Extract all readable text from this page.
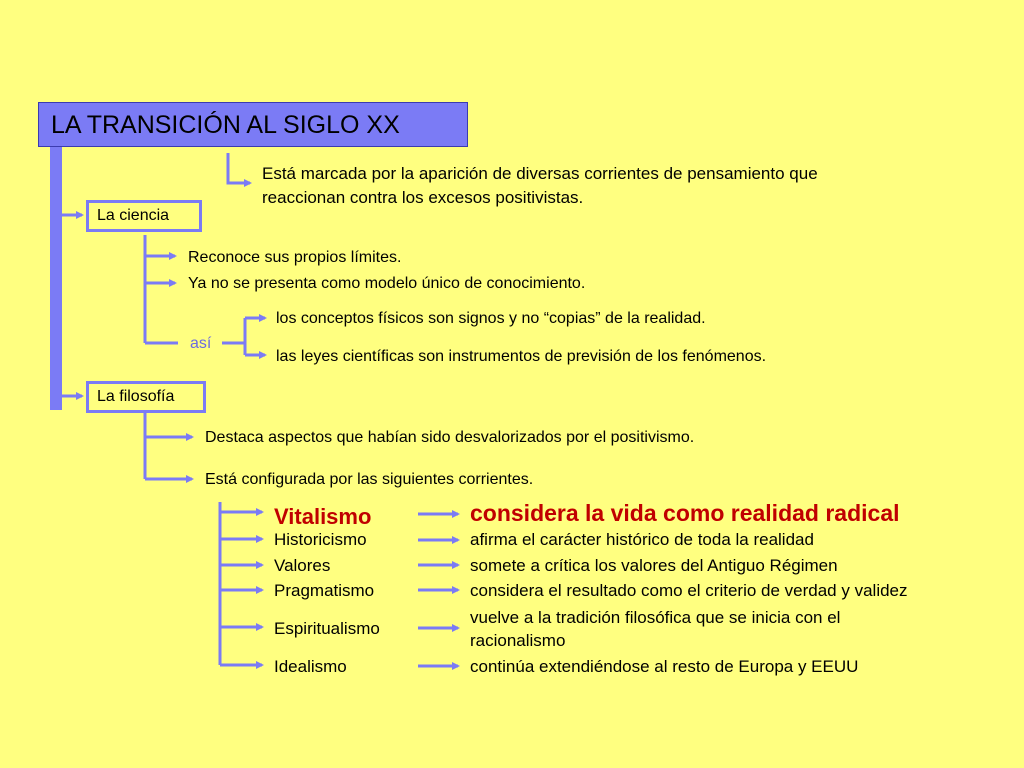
LA TRANSICIÓN AL SIGLO XX
Está marcada por la aparición de diversas corrientes de pensamiento que
reaccionan contra los excesos positivistas.
La ciencia
Reconoce sus propios límites.
Ya no se presenta como modelo único de conocimiento.
así
los conceptos físicos son signos y no “copias” de la realidad.
las leyes científicas son instrumentos de previsión de los fenómenos.
La filosofía
Destaca aspectos que habían sido desvalorizados por el positivismo.
Está configurada por las siguientes corrientes.
Vitalismo
Historicismo
Valores
Pragmatismo
Espiritualismo
Idealismo
considera la vida como realidad radical
afirma el carácter histórico de toda la realidad
somete a crítica los valores del Antiguo Régimen
considera el resultado como el criterio de verdad y validez
vuelve a la tradición filosófica que se inicia con el racionalismo
continúa extendiéndose al resto de Europa y EEUU
